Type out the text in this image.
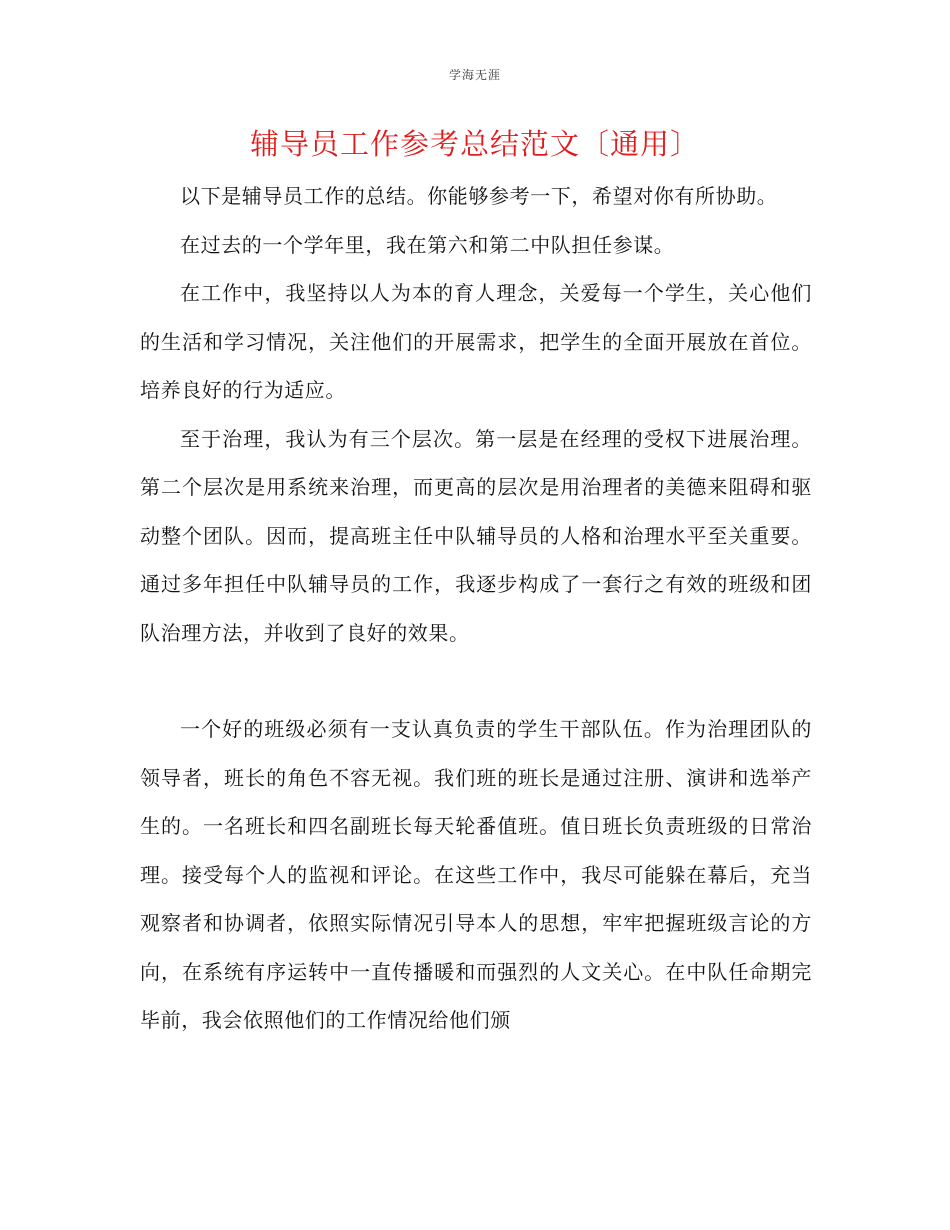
学海无涯
辅导员工作参考总结范文〔通用〕

以下是辅导员工作的总结。你能够参考一下，希望对你有所协助。

在过去的一个学年里，我在第六和第二中队担任参谋。

在工作中，我坚持以人为本的育人理念，关爱每一个学生，关心他们的生活和学习情况，关注他们的开展需求，把学生的全面开展放在首位。培养良好的行为适应。

至于治理，我认为有三个层次。第一层是在经理的受权下进展治理。第二个层次是用系统来治理，而更高的层次是用治理者的美德来阻碍和驱动整个团队。因而，提高班主任中队辅导员的人格和治理水平至关重要。通过多年担任中队辅导员的工作，我逐步构成了一套行之有效的班级和团队治理方法，并收到了良好的效果。

一个好的班级必须有一支认真负责的学生干部队伍。作为治理团队的领导者，班长的角色不容无视。我们班的班长是通过注册、演讲和选举产生的。一名班长和四名副班长每天轮番值班。值日班长负责班级的日常治理。接受每个人的监视和评论。在这些工作中，我尽可能躲在幕后，充当观察者和协调者，依照实际情况引导本人的思想，牢牢把握班级言论的方向，在系统有序运转中一直传播暖和而强烈的人文关心。在中队任命期完毕前，我会依照他们的工作情况给他们颁
